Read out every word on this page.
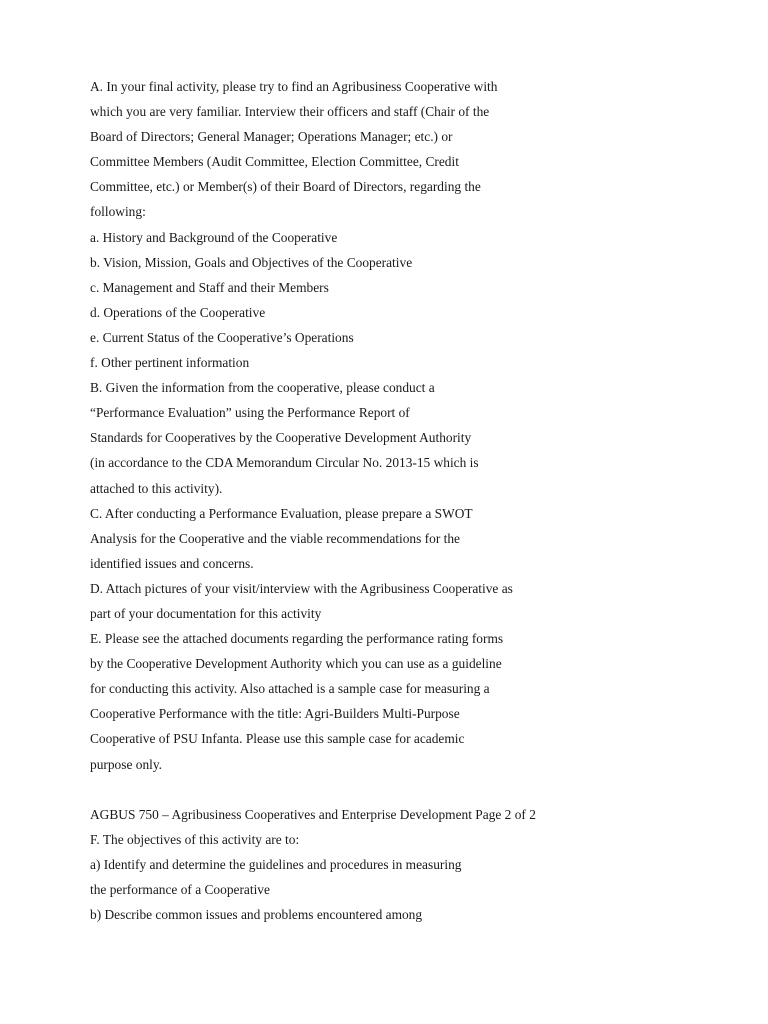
A. In your final activity, please try to find an Agribusiness Cooperative with
which you are very familiar. Interview their officers and staff (Chair of the
Board of Directors; General Manager; Operations Manager; etc.) or
Committee Members (Audit Committee, Election Committee, Credit
Committee, etc.) or Member(s) of their Board of Directors, regarding the
following:
a. History and Background of the Cooperative
b. Vision, Mission, Goals and Objectives of the Cooperative
c. Management and Staff and their Members
d. Operations of the Cooperative
e. Current Status of the Cooperative’s Operations
f. Other pertinent information
B. Given the information from the cooperative, please conduct a
“Performance Evaluation” using the Performance Report of
Standards for Cooperatives by the Cooperative Development Authority
(in accordance to the CDA Memorandum Circular No. 2013-15 which is
attached to this activity).
C. After conducting a Performance Evaluation, please prepare a SWOT
Analysis for the Cooperative and the viable recommendations for the
identified issues and concerns.
D. Attach pictures of your visit/interview with the Agribusiness Cooperative as
part of your documentation for this activity
E. Please see the attached documents regarding the performance rating forms
by the Cooperative Development Authority which you can use as a guideline
for conducting this activity. Also attached is a sample case for measuring a
Cooperative Performance with the title: Agri-Builders Multi-Purpose
Cooperative of PSU Infanta. Please use this sample case for academic
purpose only.
AGBUS 750 – Agribusiness Cooperatives and Enterprise Development Page 2 of 2
F. The objectives of this activity are to:
a) Identify and determine the guidelines and procedures in measuring
the performance of a Cooperative
b) Describe common issues and problems encountered among
